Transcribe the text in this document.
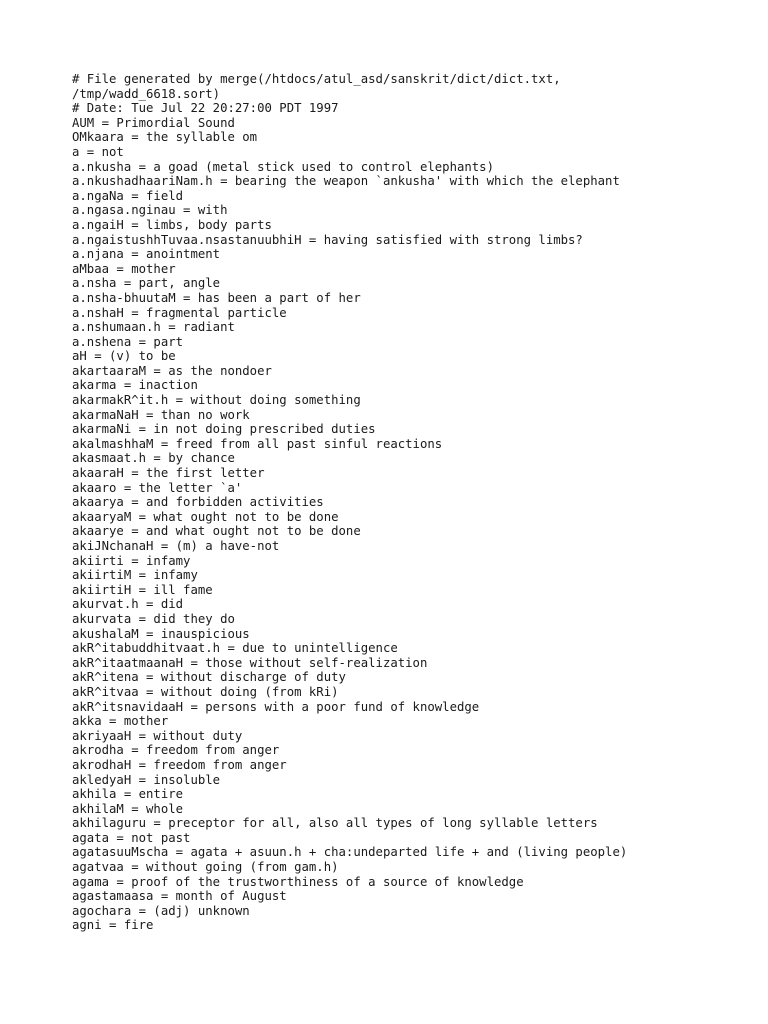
# File generated by merge(/htdocs/atul_asd/sanskrit/dict/dict.txt,
/tmp/wadd_6618.sort)
# Date: Tue Jul 22 20:27:00 PDT 1997
AUM = Primordial Sound
OMkaara = the syllable om
a = not
a.nkusha = a goad (metal stick used to control elephants)
a.nkushadhaariNam.h = bearing the weapon `ankusha' with which the elephant
a.ngaNa = field
a.ngasa.nginau = with
a.ngaiH = limbs, body parts
a.ngaistushhTuvaa.nsastanuubhiH = having satisfied with strong limbs?
a.njana = anointment
aMbaa = mother
a.nsha = part, angle
a.nsha-bhuutaM = has been a part of her
a.nshaH = fragmental particle
a.nshumaan.h = radiant
a.nshena = part
aH = (v) to be
akartaaraM = as the nondoer
akarma = inaction
akarmakR^it.h = without doing something
akarmaNaH = than no work
akarmaNi = in not doing prescribed duties
akalmashhaM = freed from all past sinful reactions
akasmaat.h = by chance
akaaraH = the first letter
akaaro = the letter `a'
akaarya = and forbidden activities
akaaryaM = what ought not to be done
akaarye = and what ought not to be done
akiJNchanaH = (m) a have-not
akiirti = infamy
akiirtiM = infamy
akiirtiH = ill fame
akurvat.h = did
akurvata = did they do
akushalaM = inauspicious
akR^itabuddhitvaat.h = due to unintelligence
akR^itaatmaanaH = those without self-realization
akR^itena = without discharge of duty
akR^itvaa = without doing (from kRi)
akR^itsnavidaaH = persons with a poor fund of knowledge
akka = mother
akriyaaH = without duty
akrodha = freedom from anger
akrodhaH = freedom from anger
akledyaH = insoluble
akhila = entire
akhilaM = whole
akhilaguru = preceptor for all, also all types of long syllable letters
agata = not past
agatasuuMscha = agata + asuun.h + cha:undeparted life + and (living people)
agatvaa = without going (from gam.h)
agama = proof of the trustworthiness of a source of knowledge
agastamaasa = month of August
agochara = (adj) unknown
agni = fire
